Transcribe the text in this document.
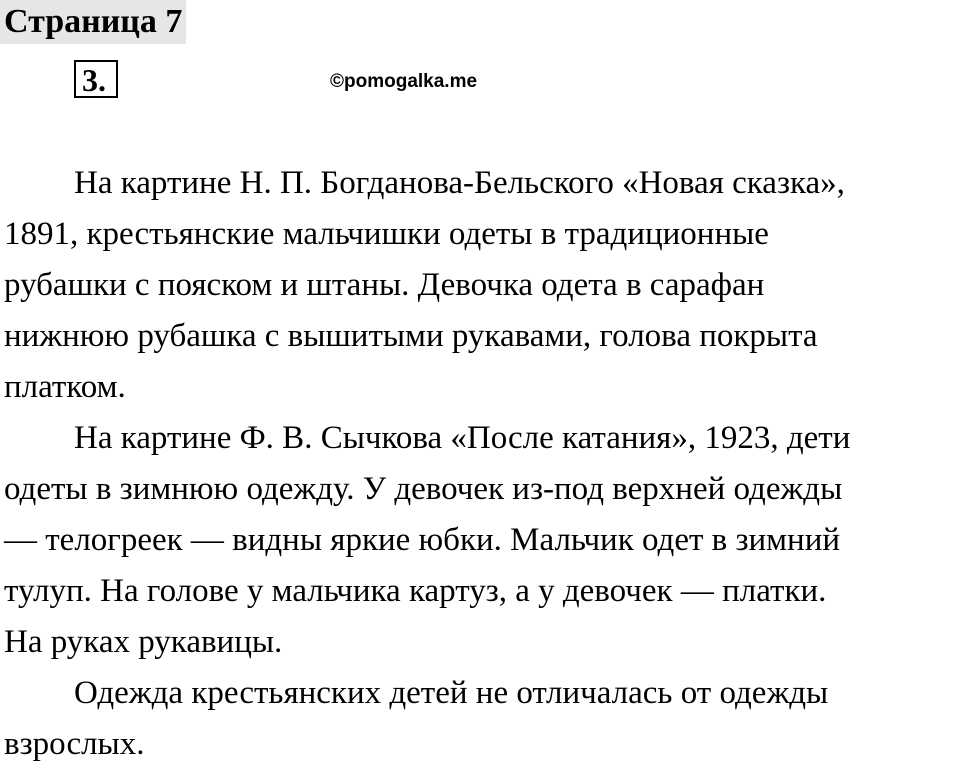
Страница 7
3.	©pomogalka.me
На картине Н. П. Богданова-Бельского «Новая сказка»,
1891, крестьянские мальчишки одеты в традиционные
рубашки с пояском и штаны. Девочка одета в сарафан
нижнюю рубашка с вышитыми рукавами, голова покрыта
платком.
На картине Ф. В. Сычкова «После катания», 1923, дети
одеты в зимнюю одежду. У девочек из-под верхней одежды
— телогреек — видны яркие юбки. Мальчик одет в зимний
тулуп. На голове у мальчика картуз, а у девочек — платки.
На руках рукавицы.
Одежда крестьянских детей не отличалась от одежды
взрослых.
